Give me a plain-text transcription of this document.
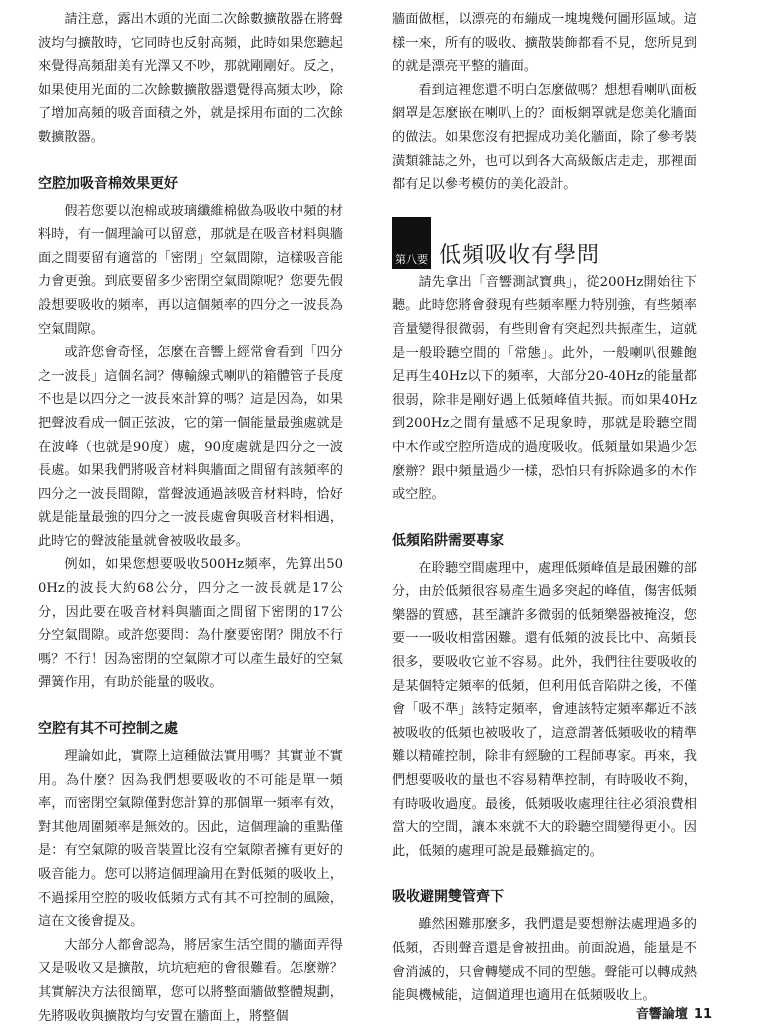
請注意，露出木頭的光面二次餘數擴散器在將聲波均勻擴散時，它同時也反射高頻，此時如果您聽起來覺得高頻甜美有光澤又不吵，那就剛剛好。反之，如果使用光面的二次餘數擴散器還覺得高頻太吵，除了增加高頻的吸音面積之外，就是採用布面的二次餘數擴散器。

空腔加吸音棉效果更好

假若您要以泡棉或玻璃纖維棉做為吸收中頻的材料時，有一個理論可以留意，那就是在吸音材料與牆面之間要留有適當的「密閉」空氣間隙，這樣吸音能力會更強。到底要留多少密閉空氣間隙呢？您要先假設想要吸收的頻率，再以這個頻率的四分之一波長為空氣間隙。

或許您會奇怪，怎麼在音響上經常會看到「四分之一波長」這個名詞？傳輸線式喇叭的箱體管子長度不也是以四分之一波長來計算的嗎？這是因為，如果把聲波看成一個正弦波，它的第一個能量最強處就是在波峰（也就是90度）處，90度處就是四分之一波長處。如果我們將吸音材料與牆面之間留有該頻率的四分之一波長間隙，當聲波通過該吸音材料時，恰好就是能量最強的四分之一波長處會與吸音材料相遇，此時它的聲波能量就會被吸收最多。

例如，如果您想要吸收500Hz頻率，先算出500Hz的波長大約68公分，四分之一波長就是17公分，因此要在吸音材料與牆面之間留下密閉的17公分空氣間隙。或許您要問：為什麼要密閉？開放不行嗎？不行！因為密閉的空氣隙才可以產生最好的空氣彈簧作用，有助於能量的吸收。

空腔有其不可控制之處

理論如此，實際上這種做法實用嗎？其實並不實用。為什麼？因為我們想要吸收的不可能是單一頻率，而密閉空氣隙僅對您計算的那個單一頻率有效，對其他周圍頻率是無效的。因此，這個理論的重點僅是：有空氣隙的吸音裝置比沒有空氣隙者擁有更好的吸音能力。您可以將這個理論用在對低頻的吸收上，不過採用空腔的吸收低頻方式有其不可控制的風險，這在文後會提及。

大部分人都會認為，將居家生活空間的牆面弄得又是吸收又是擴散，坑坑疤疤的會很難看。怎麼辦？其實解決方法很簡單，您可以將整面牆做整體規劃，先將吸收與擴散均勻安置在牆面上，將整個

牆面做框，以漂亮的布繃成一塊塊幾何圖形區域。這樣一來，所有的吸收、擴散裝飾都看不見，您所見到的就是漂亮平整的牆面。

看到這裡您還不明白怎麼做嗎？想想看喇叭面板網罩是怎麼嵌在喇叭上的？面板網罩就是您美化牆面的做法。如果您沒有把握成功美化牆面，除了參考裝潢類雜誌之外，也可以到各大高級飯店走走，那裡面都有足以參考模仿的美化設計。

第八要 低頻吸收有學問

請先拿出「音響測試寶典」，從200Hz開始往下聽。此時您將會發現有些頻率壓力特別強，有些頻率音量變得很微弱，有些則會有突起烈共振產生，這就是一般聆聽空間的「常態」。此外，一般喇叭很難飽足再生40Hz以下的頻率，大部分20-40Hz的能量都很弱，除非是剛好遇上低頻峰值共振。而如果40Hz到200Hz之間有量感不足現象時，那就是聆聽空間中木作或空腔所造成的過度吸收。低頻量如果過少怎麼辦？跟中頻量過少一樣，恐怕只有拆除過多的木作或空腔。

低頻陷阱需要專家

在聆聽空間處理中，處理低頻峰值是最困難的部分，由於低頻很容易產生過多突起的峰值，傷害低頻樂器的質感，甚至讓許多微弱的低頻樂器被掩沒，您要一一吸收相當困難。還有低頻的波長比中、高頻長很多，要吸收它並不容易。此外，我們往往要吸收的是某個特定頻率的低頻，但利用低音陷阱之後，不僅會「吸不準」該特定頻率，會連該特定頻率鄰近不該被吸收的低頻也被吸收了，這意謂著低頻吸收的精準難以精確控制，除非有經驗的工程師專家。再來，我們想要吸收的量也不容易精準控制，有時吸收不夠，有時吸收過度。最後，低頻吸收處理往往必須浪費相當大的空間，讓本來就不大的聆聽空間變得更小。因此，低頻的處理可說是最難搞定的。

吸收避開雙管齊下

雖然困難那麼多，我們還是要想辦法處理過多的低頻，否則聲音還是會被扭曲。前面說過，能量是不會消滅的，只會轉變成不同的型態。聲能可以轉成熱能與機械能，這個道理也適用在低頻吸收上。

音響論壇 11
